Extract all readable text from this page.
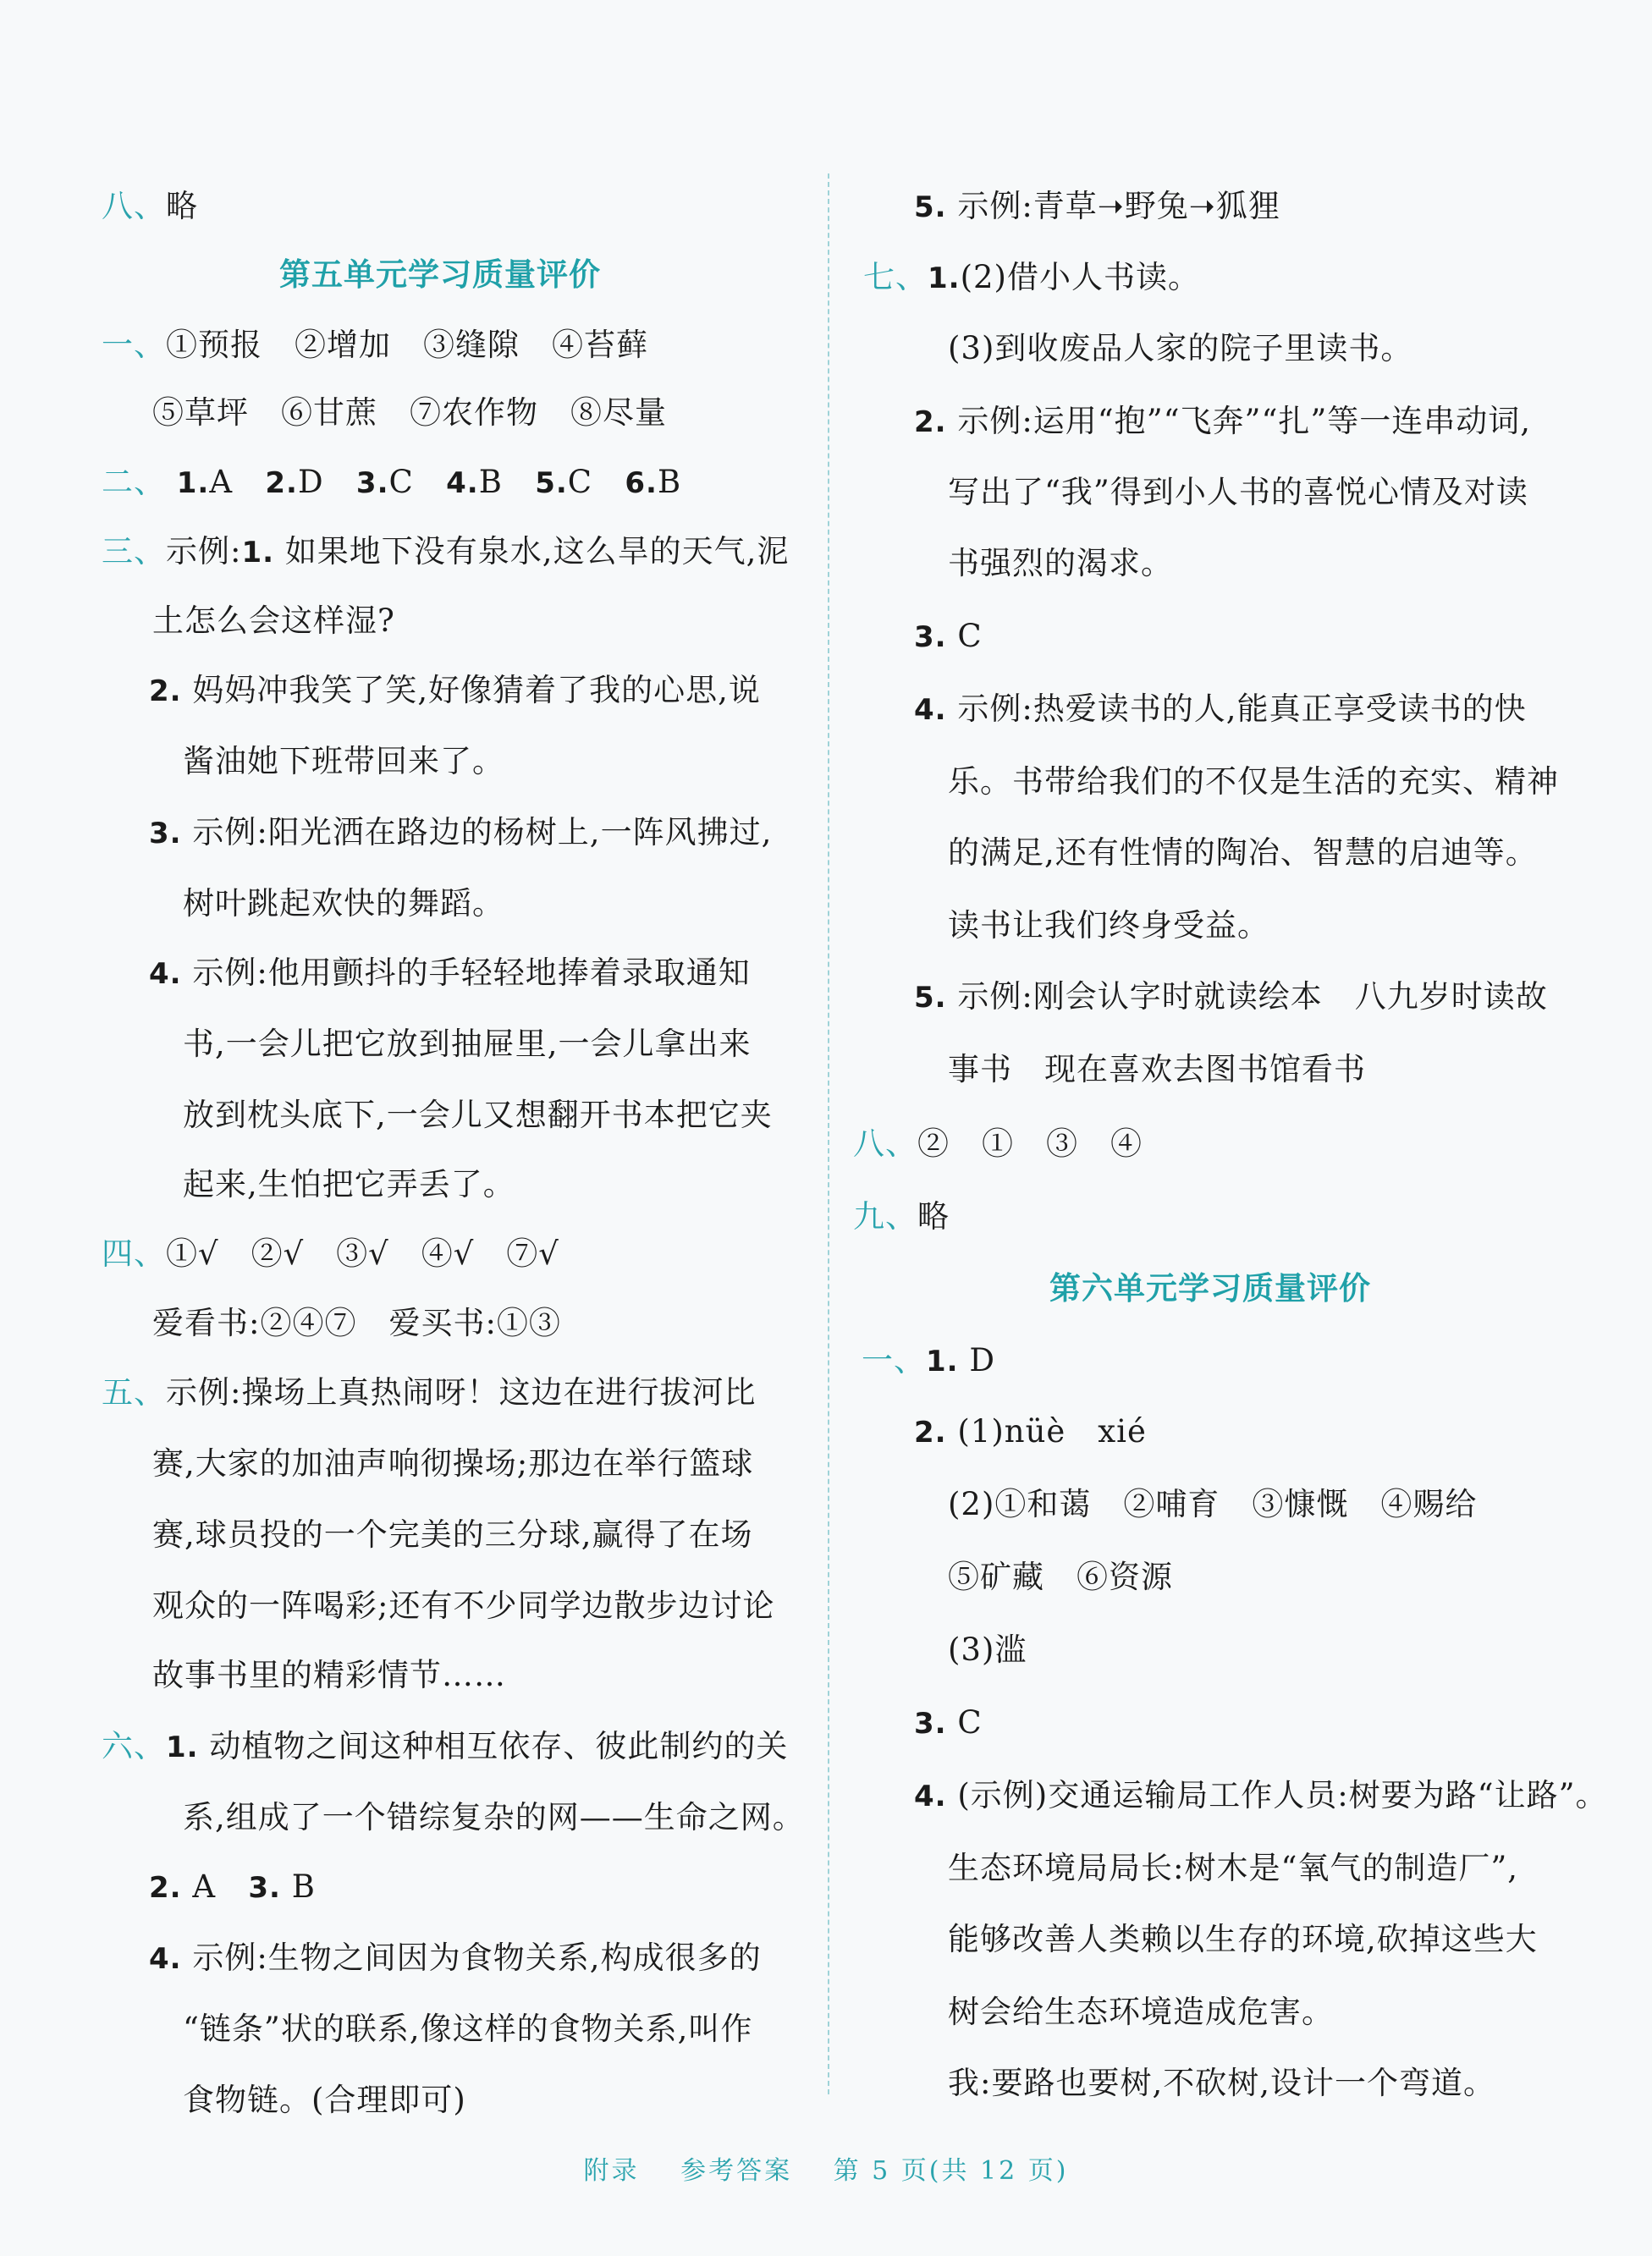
八、略
第五单元学习质量评价
一、①预报　②增加　③缝隙　④苔藓
⑤草坪　⑥甘蔗　⑦农作物　⑧尽量
二、 1.A 2.D 3.C 4.B 5.C 6.B
三、示例:1. 如果地下没有泉水,这么旱的天气,泥
土怎么会这样湿?
2. 妈妈冲我笑了笑,好像猜着了我的心思,说
酱油她下班带回来了。
3. 示例:阳光洒在路边的杨树上,一阵风拂过,
树叶跳起欢快的舞蹈。
4. 示例:他用颤抖的手轻轻地捧着录取通知
书,一会儿把它放到抽屉里,一会儿拿出来
放到枕头底下,一会儿又想翻开书本把它夹
起来,生怕把它弄丢了。
四、①√　②√　③√　④√　⑦√
爱看书:②④⑦　爱买书:①③
五、示例:操场上真热闹呀！这边在进行拔河比
赛,大家的加油声响彻操场;那边在举行篮球
赛,球员投的一个完美的三分球,赢得了在场
观众的一阵喝彩;还有不少同学边散步边讨论
故事书里的精彩情节……
六、1. 动植物之间这种相互依存、彼此制约的关
系,组成了一个错综复杂的网——生命之网。
2. A 3. B
4. 示例:生物之间因为食物关系,构成很多的
“链条”状的联系,像这样的食物关系,叫作
食物链。(合理即可)
5. 示例:青草➝野兔➝狐狸
七、1.(2)借小人书读。
(3)到收废品人家的院子里读书。
2. 示例:运用“抱”“飞奔”“扎”等一连串动词,
写出了“我”得到小人书的喜悦心情及对读
书强烈的渴求。
3. C
4. 示例:热爱读书的人,能真正享受读书的快
乐。书带给我们的不仅是生活的充实、精神
的满足,还有性情的陶冶、智慧的启迪等。
读书让我们终身受益。
5. 示例:刚会认字时就读绘本　八九岁时读故
事书　现在喜欢去图书馆看书
八、②　①　③　④
九、略
第六单元学习质量评价
一、1. D
2. (1)nüè　xié
(2)①和蔼　②哺育　③慷慨　④赐给
⑤矿藏　⑥资源
(3)滥
3. C
4. (示例)交通运输局工作人员:树要为路“让路”。
生态环境局局长:树木是“氧气的制造厂”,
能够改善人类赖以生存的环境,砍掉这些大
树会给生态环境造成危害。
我:要路也要树,不砍树,设计一个弯道。
附录 参考答案 第 5 页(共 12 页)
